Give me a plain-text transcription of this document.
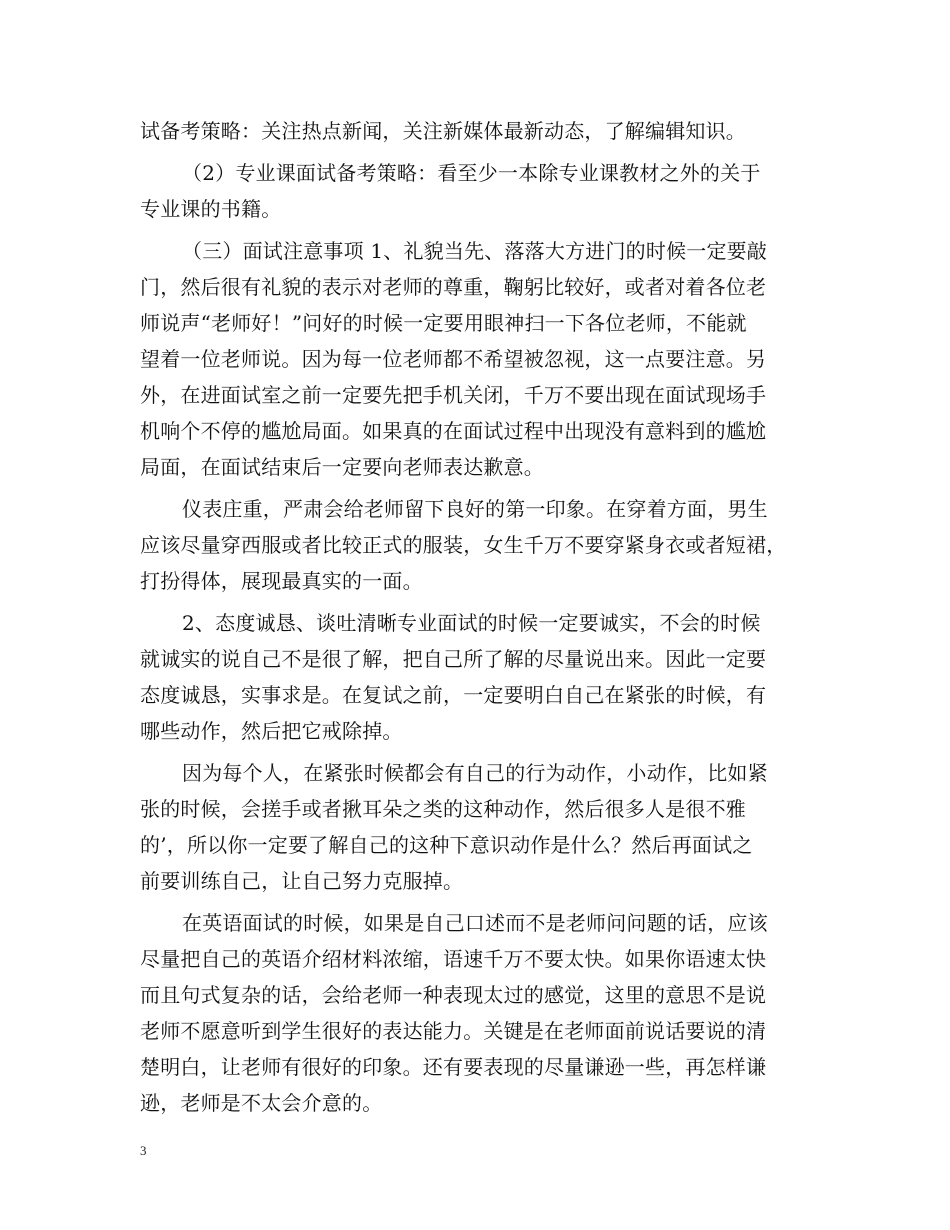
试备考策略：关注热点新闻，关注新媒体最新动态，了解编辑知识。
（2）专业课面试备考策略：看至少一本除专业课教材之外的关于
专业课的书籍。
（三）面试注意事项 1、礼貌当先、落落大方进门的时候一定要敲
门，然后很有礼貌的表示对老师的尊重，鞠躬比较好，或者对着各位老
师说声“老师好！”问好的时候一定要用眼神扫一下各位老师，不能就
望着一位老师说。因为每一位老师都不希望被忽视，这一点要注意。另
外，在进面试室之前一定要先把手机关闭，千万不要出现在面试现场手
机响个不停的尴尬局面。如果真的在面试过程中出现没有意料到的尴尬
局面，在面试结束后一定要向老师表达歉意。
仪表庄重，严肃会给老师留下良好的第一印象。在穿着方面，男生
应该尽量穿西服或者比较正式的服装，女生千万不要穿紧身衣或者短裙，
打扮得体，展现最真实的一面。
2、态度诚恳、谈吐清晰专业面试的时候一定要诚实，不会的时候
就诚实的说自己不是很了解，把自己所了解的尽量说出来。因此一定要
态度诚恳，实事求是。在复试之前，一定要明白自己在紧张的时候，有
哪些动作，然后把它戒除掉。
因为每个人，在紧张时候都会有自己的行为动作，小动作，比如紧
张的时候，会搓手或者揪耳朵之类的这种动作，然后很多人是很不雅
的’，所以你一定要了解自己的这种下意识动作是什么？然后再面试之
前要训练自己，让自己努力克服掉。
在英语面试的时候，如果是自己口述而不是老师问问题的话，应该
尽量把自己的英语介绍材料浓缩，语速千万不要太快。如果你语速太快
而且句式复杂的话，会给老师一种表现太过的感觉，这里的意思不是说
老师不愿意听到学生很好的表达能力。关键是在老师面前说话要说的清
楚明白，让老师有很好的印象。还有要表现的尽量谦逊一些，再怎样谦
逊，老师是不太会介意的。
3
